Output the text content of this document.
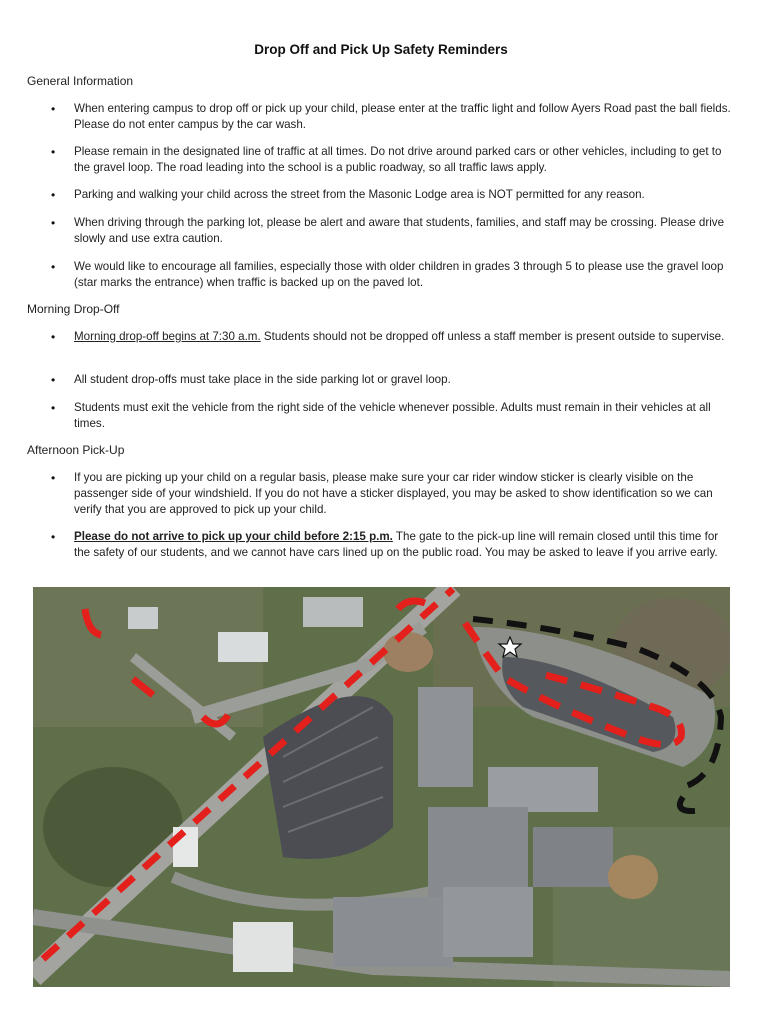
Drop Off and Pick Up Safety Reminders
General Information
• When entering campus to drop off or pick up your child, please enter at the traffic light and follow Ayers Road past the ball fields. Please do not enter campus by the car wash.
• Please remain in the designated line of traffic at all times. Do not drive around parked cars or other vehicles, including to get to the gravel loop. The road leading into the school is a public roadway, so all traffic laws apply.
• Parking and walking your child across the street from the Masonic Lodge area is NOT permitted for any reason.
• When driving through the parking lot, please be alert and aware that students, families, and staff may be crossing. Please drive slowly and use extra caution.
• We would like to encourage all families, especially those with older children in grades 3 through 5 to please use the gravel loop (star marks the entrance) when traffic is backed up on the paved lot.
Morning Drop-Off
• Morning drop-off begins at 7:30 a.m. Students should not be dropped off unless a staff member is present outside to supervise.
• All student drop-offs must take place in the side parking lot or gravel loop.
• Students must exit the vehicle from the right side of the vehicle whenever possible. Adults must remain in their vehicles at all times.
Afternoon Pick-Up
• If you are picking up your child on a regular basis, please make sure your car rider window sticker is clearly visible on the passenger side of your windshield. If you do not have a sticker displayed, you may be asked to show identification so we can verify that you are approved to pick up your child.
• Please do not arrive to pick up your child before 2:15 p.m. The gate to the pick-up line will remain closed until this time for the safety of our students, and we cannot have cars lined up on the public road. You may be asked to leave if you arrive early.
